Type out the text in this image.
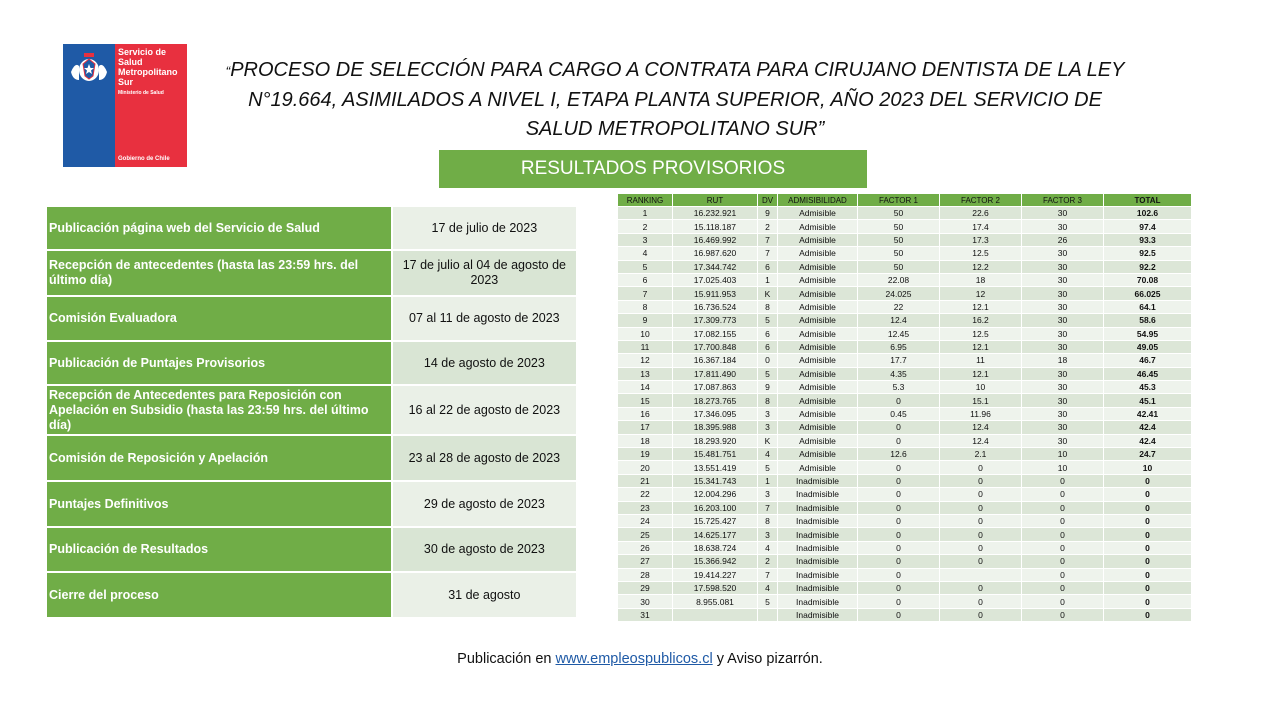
Servicio de Salud Metropolitano Sur
Ministerio de Salud
Gobierno de Chile
“PROCESO DE SELECCIÓN PARA CARGO A CONTRATA PARA CIRUJANO DENTISTA DE LA LEY N°19.664, ASIMILADOS A NIVEL I, ETAPA PLANTA SUPERIOR, AÑO 2023 DEL SERVICIO DE SALUD METROPOLITANO SUR”
RESULTADOS PROVISORIOS
Publicación página web del Servicio de Salud	17 de julio de 2023
Recepción de antecedentes (hasta las 23:59 hrs. del último día)	17 de julio al 04 de agosto de 2023
Comisión Evaluadora	07 al 11 de agosto de 2023
Publicación de Puntajes Provisorios	14 de agosto de 2023
Recepción de Antecedentes para Reposición con Apelación en Subsidio (hasta las 23:59 hrs. del último día)	16 al 22 de agosto de 2023
Comisión de Reposición y Apelación	23 al 28 de agosto de 2023
Puntajes Definitivos	29 de agosto de 2023
Publicación de Resultados	30 de agosto de 2023
Cierre del proceso	31 de agosto
RANKING	RUT	DV	ADMISIBILIDAD	FACTOR 1	FACTOR 2	FACTOR 3	TOTAL
1	16.232.921	9	Admisible	50	22.6	30	102.6
2	15.118.187	2	Admisible	50	17.4	30	97.4
3	16.469.992	7	Admisible	50	17.3	26	93.3
4	16.987.620	7	Admisible	50	12.5	30	92.5
5	17.344.742	6	Admisible	50	12.2	30	92.2
6	17.025.403	1	Admisible	22.08	18	30	70.08
7	15.911.953	K	Admisible	24.025	12	30	66.025
8	16.736.524	8	Admisible	22	12.1	30	64.1
9	17.309.773	5	Admisible	12.4	16.2	30	58.6
10	17.082.155	6	Admisible	12.45	12.5	30	54.95
11	17.700.848	6	Admisible	6.95	12.1	30	49.05
12	16.367.184	0	Admisible	17.7	11	18	46.7
13	17.811.490	5	Admisible	4.35	12.1	30	46.45
14	17.087.863	9	Admisible	5.3	10	30	45.3
15	18.273.765	8	Admisible	0	15.1	30	45.1
16	17.346.095	3	Admisible	0.45	11.96	30	42.41
17	18.395.988	3	Admisible	0	12.4	30	42.4
18	18.293.920	K	Admisible	0	12.4	30	42.4
19	15.481.751	4	Admisible	12.6	2.1	10	24.7
20	13.551.419	5	Admisible	0	0	10	10
21	15.341.743	1	Inadmisible	0	0	0	0
22	12.004.296	3	Inadmisible	0	0	0	0
23	16.203.100	7	Inadmisible	0	0	0	0
24	15.725.427	8	Inadmisible	0	0	0	0
25	14.625.177	3	Inadmisible	0	0	0	0
26	18.638.724	4	Inadmisible	0	0	0	0
27	15.366.942	2	Inadmisible	0	0	0	0
28	19.414.227	7	Inadmisible	0		0	0
29	17.598.520	4	Inadmisible	0	0	0	0
30	8.955.081	5	Inadmisible	0	0	0	0
31			Inadmisible	0	0	0	0
Publicación en www.empleospublicos.cl y Aviso pizarrón.
